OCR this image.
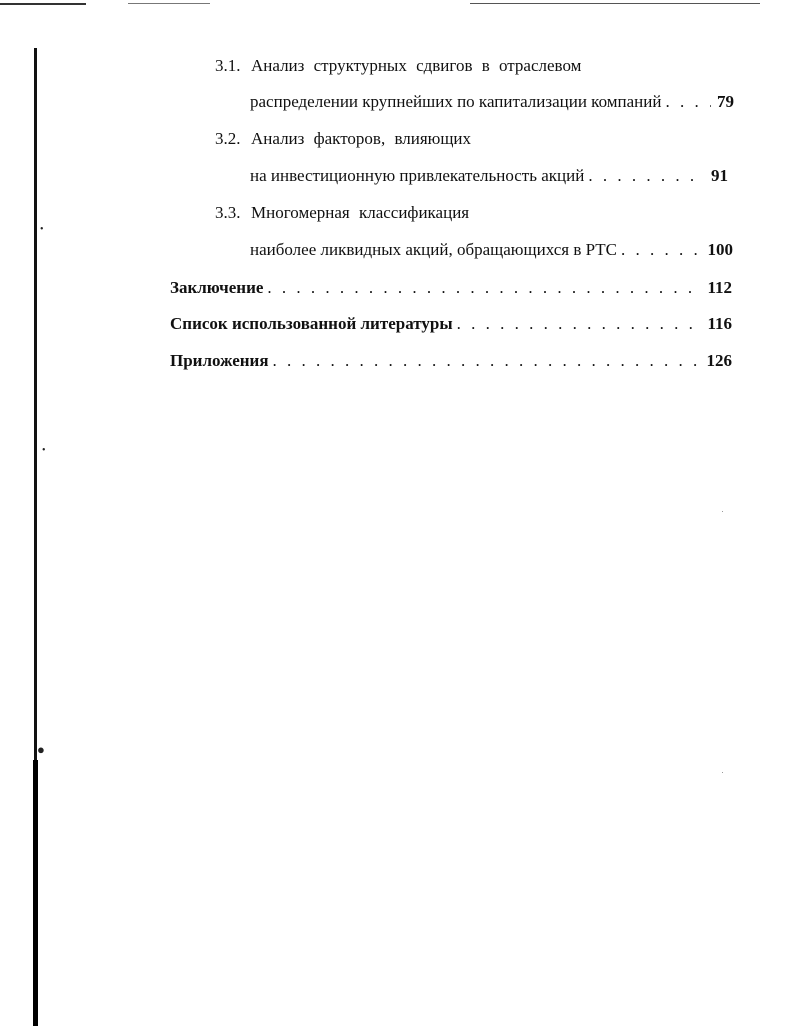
•
•
●
3.1. Анализ структурных сдвигов в отраслевом
распределении крупнейших по капитализации компаний . . .	79
3.2. Анализ факторов, влияющих
на инвестиционную привлекательность акций . . .	91
3.3. Многомерная классификация
наиболее ликвидных акций, обращающихся в РТС . . .	100
Заключение . . .	112
Список использованной литературы . . .	116
Приложения . . .	126
